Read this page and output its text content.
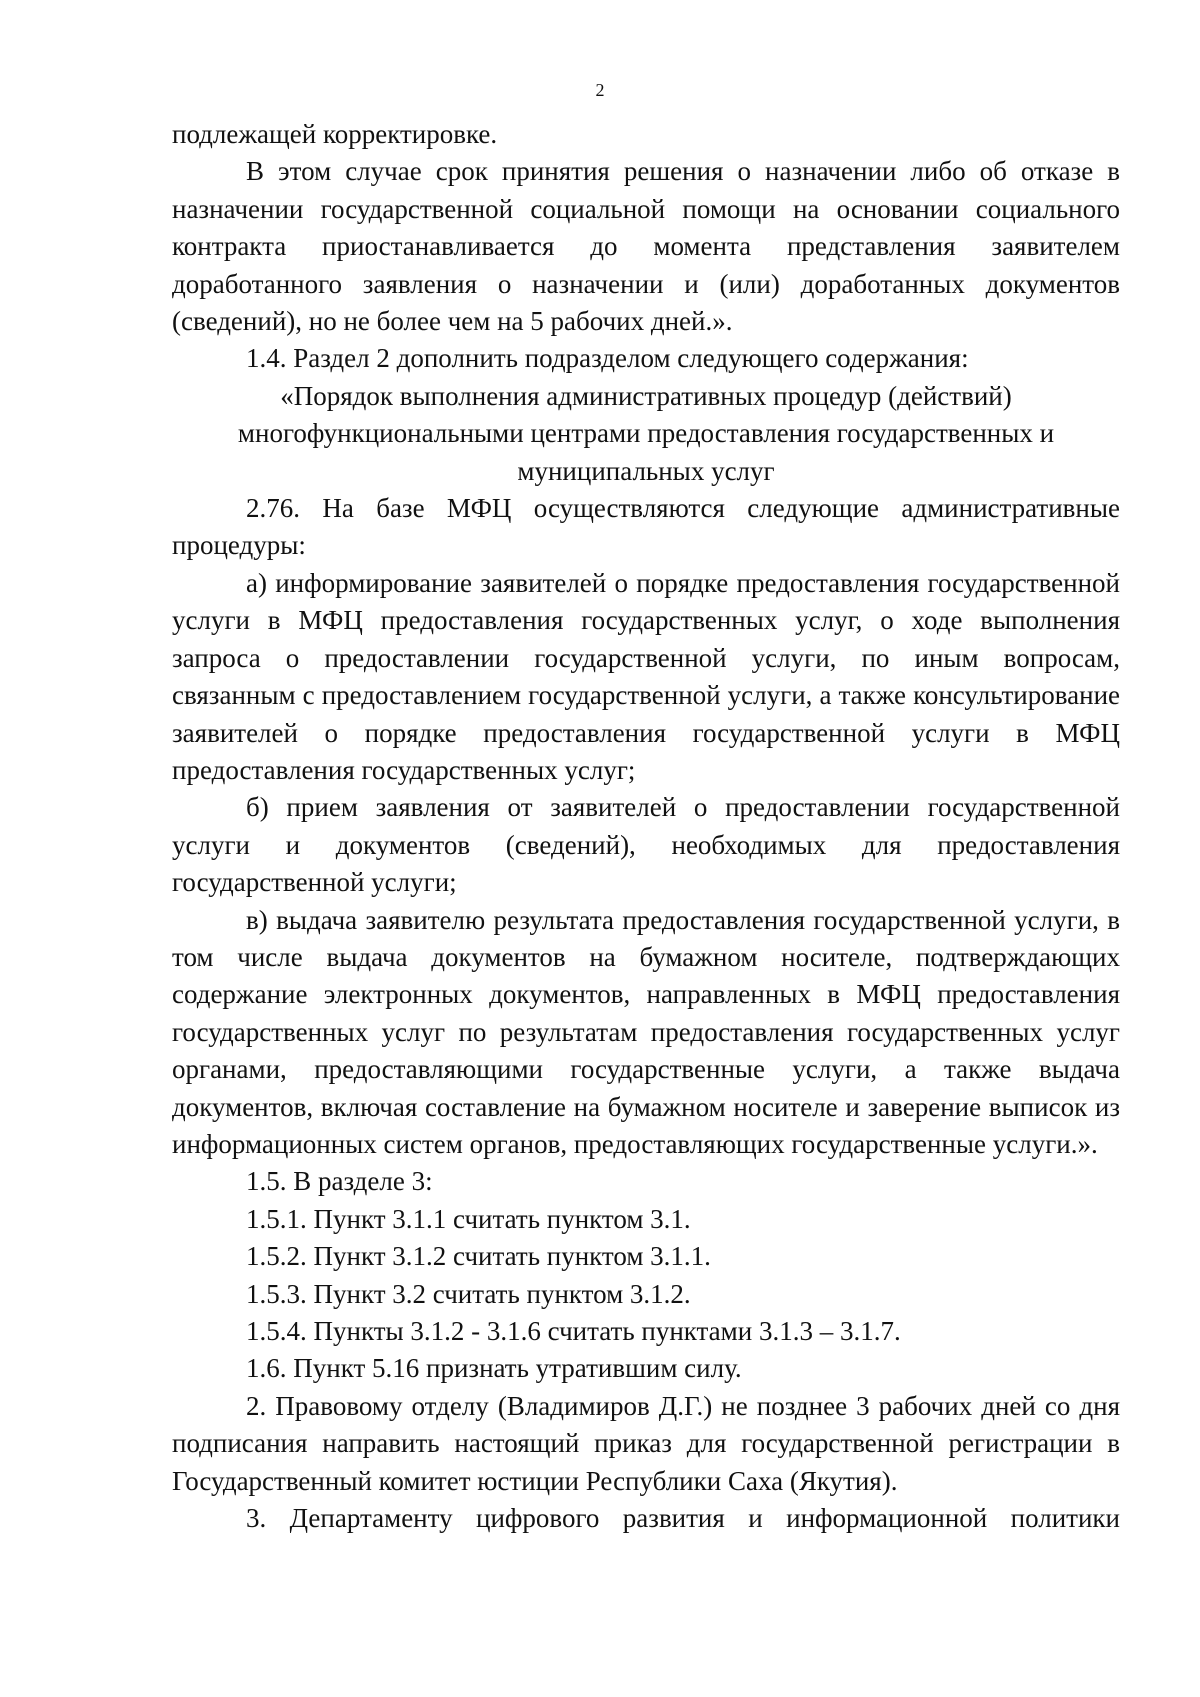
2

подлежащей корректировке.

В этом случае срок принятия решения о назначении либо об отказе в назначении государственной социальной помощи на основании социального контракта приостанавливается до момента представления заявителем доработанного заявления о назначении и (или) доработанных документов (сведений), но не более чем на 5 рабочих дней.».

1.4. Раздел 2 дополнить подразделом следующего содержания:

«Порядок выполнения административных процедур (действий) многофункциональными центрами предоставления государственных и муниципальных услуг

2.76. На базе МФЦ осуществляются следующие административные процедуры:

а) информирование заявителей о порядке предоставления государственной услуги в МФЦ предоставления государственных услуг, о ходе выполнения запроса о предоставлении государственной услуги, по иным вопросам, связанным с предоставлением государственной услуги, а также консультирование заявителей о порядке предоставления государственной услуги в МФЦ предоставления государственных услуг;

б) прием заявления от заявителей о предоставлении государственной услуги и документов (сведений), необходимых для предоставления государственной услуги;

в) выдача заявителю результата предоставления государственной услуги, в том числе выдача документов на бумажном носителе, подтверждающих содержание электронных документов, направленных в МФЦ предоставления государственных услуг по результатам предоставления государственных услуг органами, предоставляющими государственные услуги, а также выдача документов, включая составление на бумажном носителе и заверение выписок из информационных систем органов, предоставляющих государственные услуги.».

1.5. В разделе 3:

1.5.1. Пункт 3.1.1 считать пунктом 3.1.

1.5.2. Пункт 3.1.2 считать пунктом 3.1.1.

1.5.3. Пункт 3.2 считать пунктом 3.1.2.

1.5.4. Пункты 3.1.2 - 3.1.6 считать пунктами 3.1.3 – 3.1.7.

1.6. Пункт 5.16 признать утратившим силу.

2. Правовому отделу (Владимиров Д.Г.) не позднее 3 рабочих дней со дня подписания направить настоящий приказ для государственной регистрации в Государственный комитет юстиции Республики Саха (Якутия).

3. Департаменту цифрового развития и информационной политики
